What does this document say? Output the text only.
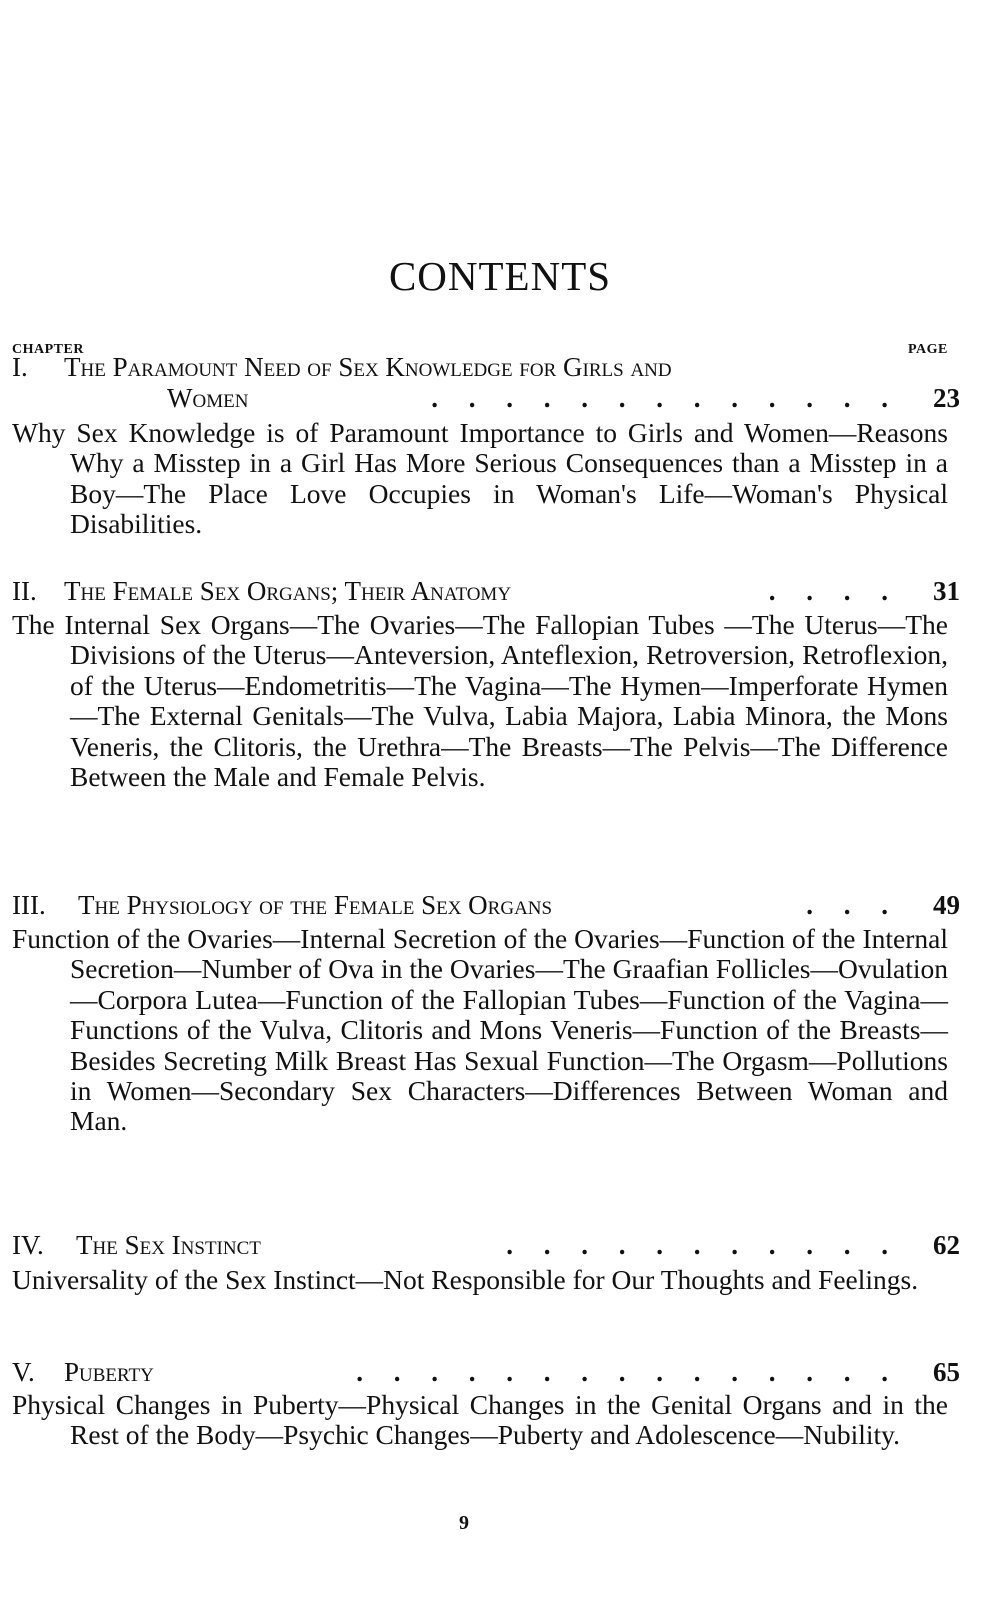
CONTENTS
CHAPTER	PAGE
I. The Paramount Need of Sex Knowledge for Girls and
Women	. . . . . . . . . . . . . 23
Why Sex Knowledge is of Paramount Importance to Girls and Women—Reasons Why a Misstep in a Girl Has More Serious Consequences than a Misstep in a Boy—The Place Love Occupies in Woman's Life—Woman's Physical Disabilities.
II. The Female Sex Organs; Their Anatomy	. . . . 31
The Internal Sex Organs—The Ovaries—The Fallopian Tubes —The Uterus—The Divisions of the Uterus—Anteversion, Anteflexion, Retroversion, Retroflexion, of the Uterus—Endometritis—The Vagina—The Hymen—Imperforate Hymen—The External Genitals—The Vulva, Labia Majora, Labia Minora, the Mons Veneris, the Clitoris, the Urethra—The Breasts—The Pelvis—The Difference Between the Male and Female Pelvis.
III. The Physiology of the Female Sex Organs	. . . 49
Function of the Ovaries—Internal Secretion of the Ovaries—Function of the Internal Secretion—Number of Ova in the Ovaries—The Graafian Follicles—Ovulation—Corpora Lutea—Function of the Fallopian Tubes—Function of the Vagina—Functions of the Vulva, Clitoris and Mons Veneris—Function of the Breasts—Besides Secreting Milk Breast Has Sexual Function—The Orgasm—Pollutions in Women—Secondary Sex Characters—Differences Between Woman and Man.
IV. The Sex Instinct	. . . . . . . . . . . 62
Universality of the Sex Instinct—Not Responsible for Our Thoughts and Feelings.
V. Puberty	. . . . . . . . . . . . . . . 65
Physical Changes in Puberty—Physical Changes in the Genital Organs and in the Rest of the Body—Psychic Changes—Puberty and Adolescence—Nubility.
9
